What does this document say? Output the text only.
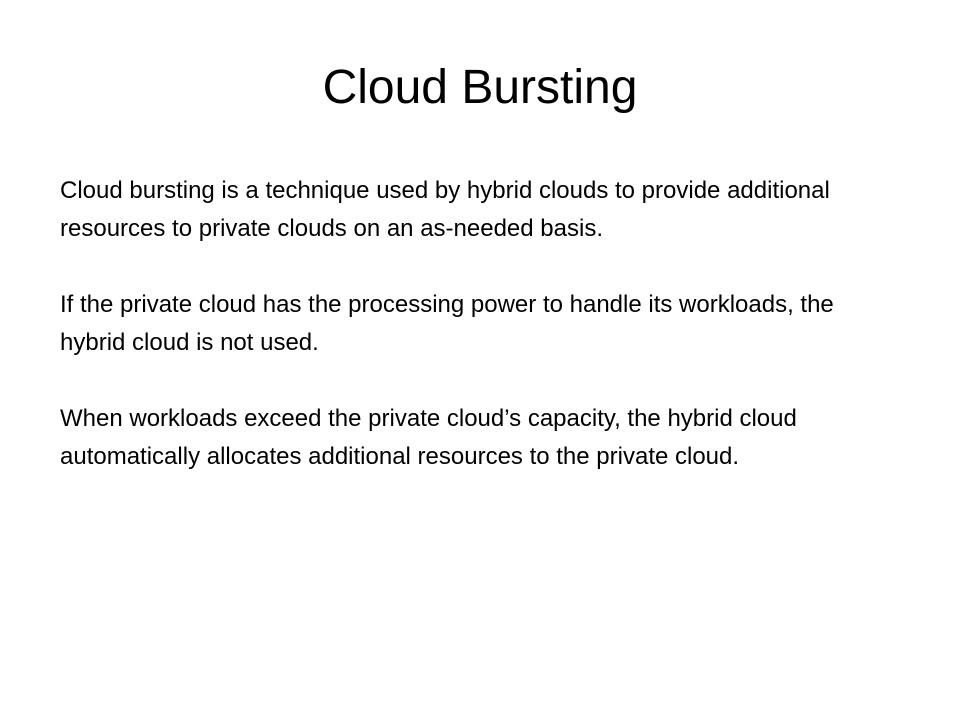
Cloud Bursting

Cloud bursting is a technique used by hybrid clouds to provide additional resources to private clouds on an as-needed basis.

If the private cloud has the processing power to handle its workloads, the hybrid cloud is not used.

When workloads exceed the private cloud’s capacity, the hybrid cloud automatically allocates additional resources to the private cloud.
